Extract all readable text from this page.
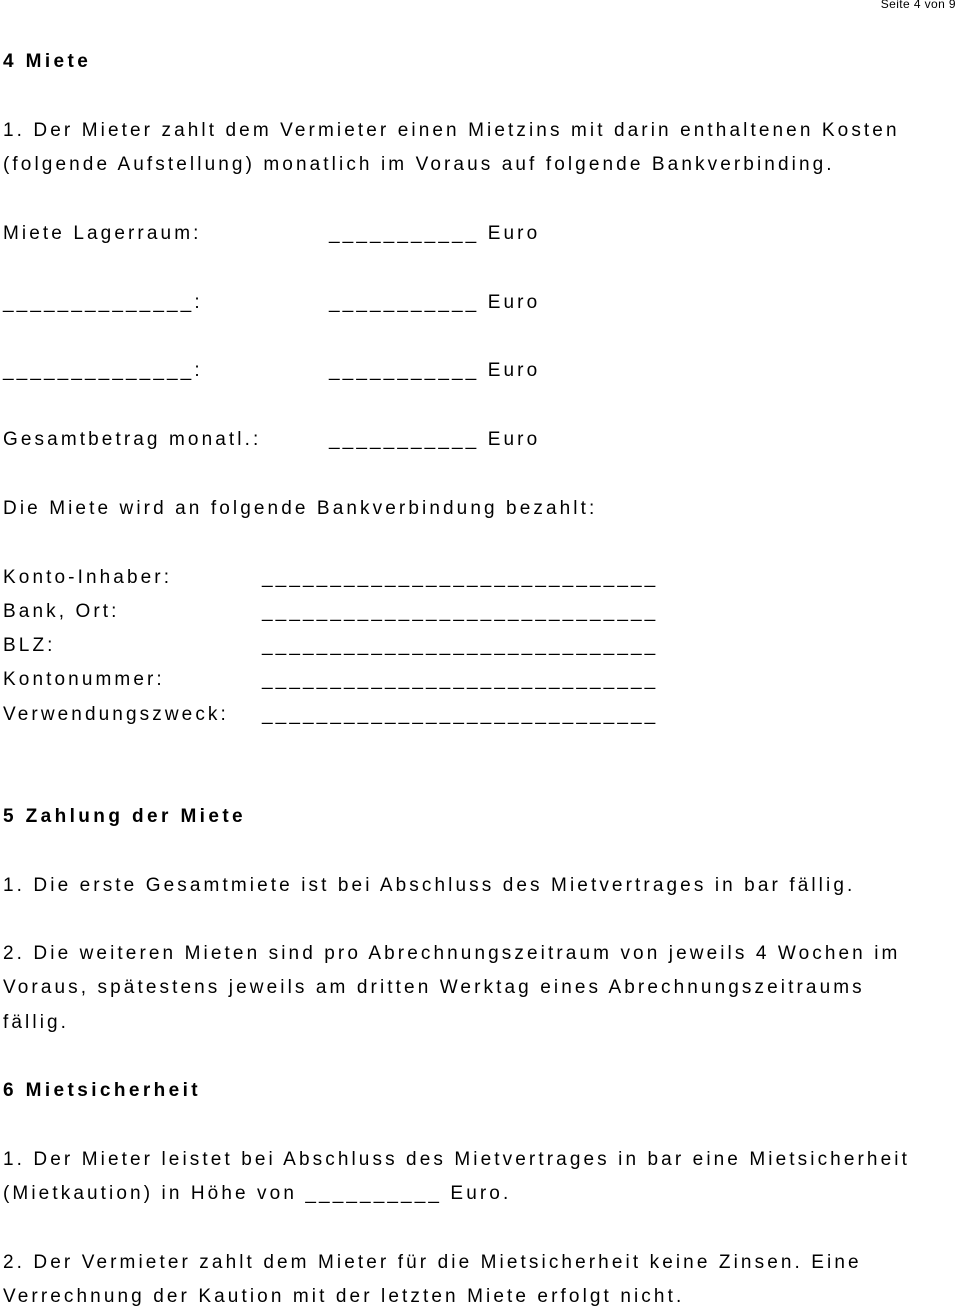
Seite 4 von 9
4 Miete
1. Der Mieter zahlt dem Vermieter einen Mietzins mit darin enthaltenen Kosten
(folgende Aufstellung) monatlich im Voraus auf folgende Bankverbinding.
Miete Lagerraum:	___________ Euro
______________:	___________ Euro
______________:	___________ Euro
Gesamtbetrag monatl.:	___________ Euro
Die Miete wird an folgende Bankverbindung bezahlt:
Konto-Inhaber:	_____________________________
Bank, Ort:	_____________________________
BLZ:	_____________________________
Kontonummer:	_____________________________
Verwendungszweck: _____________________________
5 Zahlung der Miete
1. Die erste Gesamtmiete ist bei Abschluss des Mietvertrages in bar fällig.
2. Die weiteren Mieten sind pro Abrechnungszeitraum von jeweils 4 Wochen im
Voraus, spätestens jeweils am dritten Werktag eines Abrechnungszeitraums
fällig.
6 Mietsicherheit
1. Der Mieter leistet bei Abschluss des Mietvertrages in bar eine Mietsicherheit
(Mietkaution) in Höhe von __________ Euro.
2. Der Vermieter zahlt dem Mieter für die Mietsicherheit keine Zinsen. Eine
Verrechnung der Kaution mit der letzten Miete erfolgt nicht.
